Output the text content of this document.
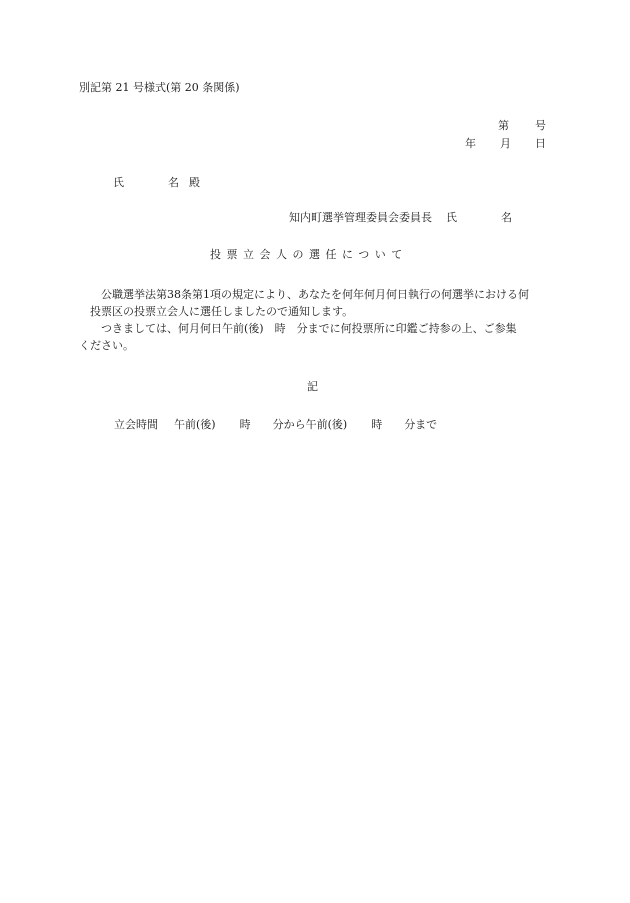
別記第 21 号様式(第 20 条関係)
第 号
年 月 日
氏	名 殿
知内町選挙管理委員会委員長 氏	名
投票立会人の選任について
公職選挙法第38条第1項の規定により、あなたを何年何月何日執行の何選挙における何
投票区の投票立会人に選任しましたので通知します。
つきましては、何月何日午前(後)　時　分までに何投票所に印鑑ご持参の上、ご参集
ください。
記
立会時間 午前(後) 時 分から午前(後) 時 分まで
